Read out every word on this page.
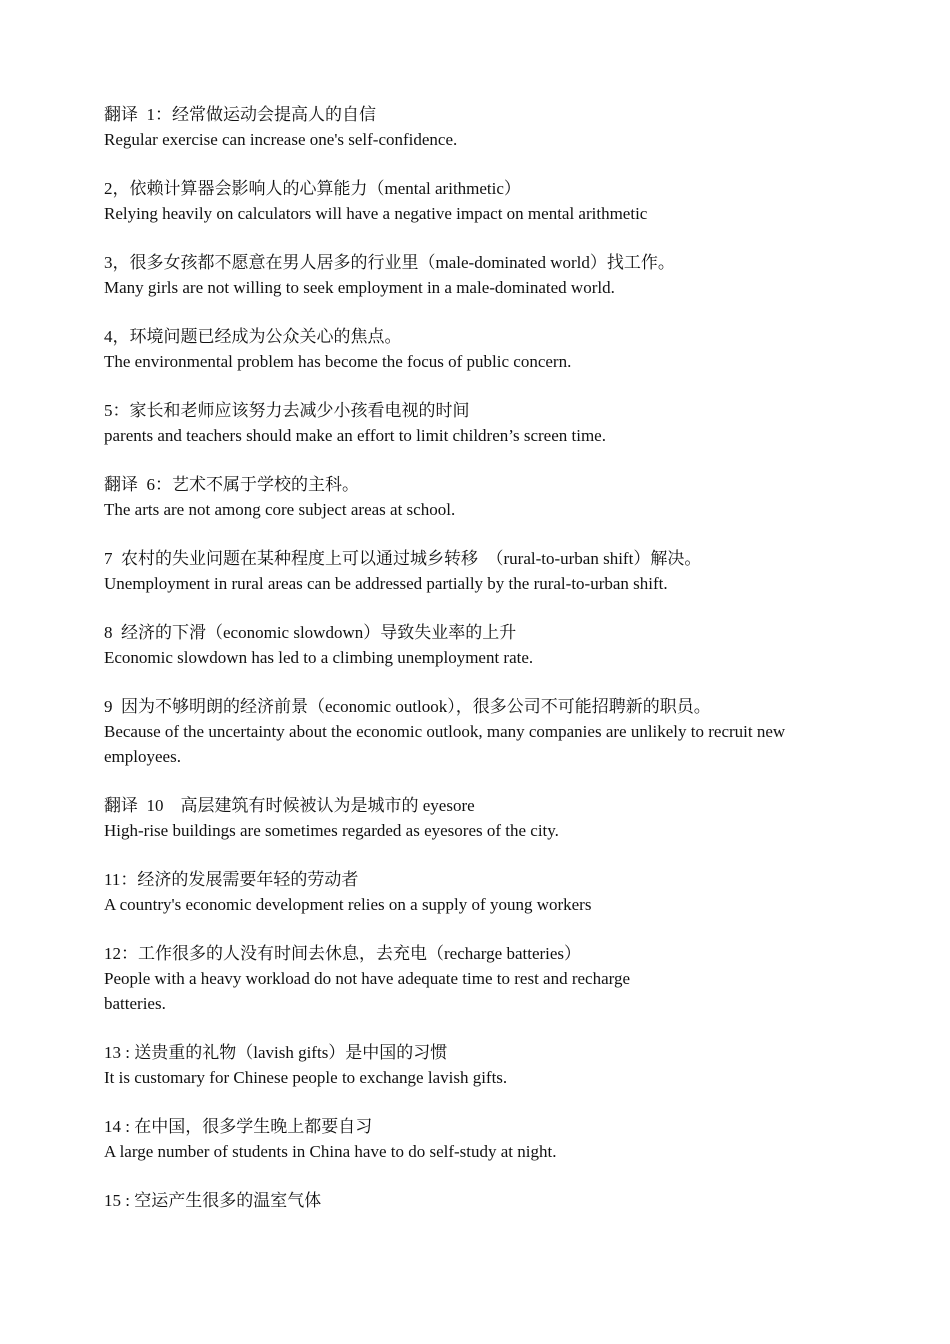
翻译  1：经常做运动会提高人的自信
Regular exercise can increase one's self-confidence.
2，依赖计算器会影响人的心算能力（mental arithmetic）
Relying heavily on calculators will have a negative impact on mental arithmetic
3，很多女孩都不愿意在男人居多的行业里（male-dominated world）找工作。
Many girls are not willing to seek employment in a male-dominated world.
4，环境问题已经成为公众关心的焦点。
The environmental problem has become the focus of public concern.
5：家长和老师应该努力去减少小孩看电视的时间
parents and teachers should make an effort to limit children’s screen time.
翻译  6：艺术不属于学校的主科。
The arts are not among core subject areas at school.
7  农村的失业问题在某种程度上可以通过城乡转移  （rural-to-urban shift）解决。
Unemployment in rural areas can be addressed partially by the rural-to-urban shift.
8  经济的下滑（economic slowdown）导致失业率的上升
Economic slowdown has led to a climbing unemployment rate.
9  因为不够明朗的经济前景（economic outlook），很多公司不可能招聘新的职员。
Because of the uncertainty about the economic outlook, many companies are unlikely to recruit new employees.
翻译  10    高层建筑有时候被认为是城市的 eyesore
High-rise buildings are sometimes regarded as eyesores of the city.
11：经济的发展需要年轻的劳动者
A country's economic development relies on a supply of young workers
12：工作很多的人没有时间去休息，去充电（recharge batteries）
People with a heavy workload do not have adequate time to rest and recharge
batteries.
13 : 送贵重的礼物（lavish gifts）是中国的习惯
It is customary for Chinese people to exchange lavish gifts.
14 : 在中国，很多学生晚上都要自习
A large number of students in China have to do self-study at night.
15 : 空运产生很多的温室气体
